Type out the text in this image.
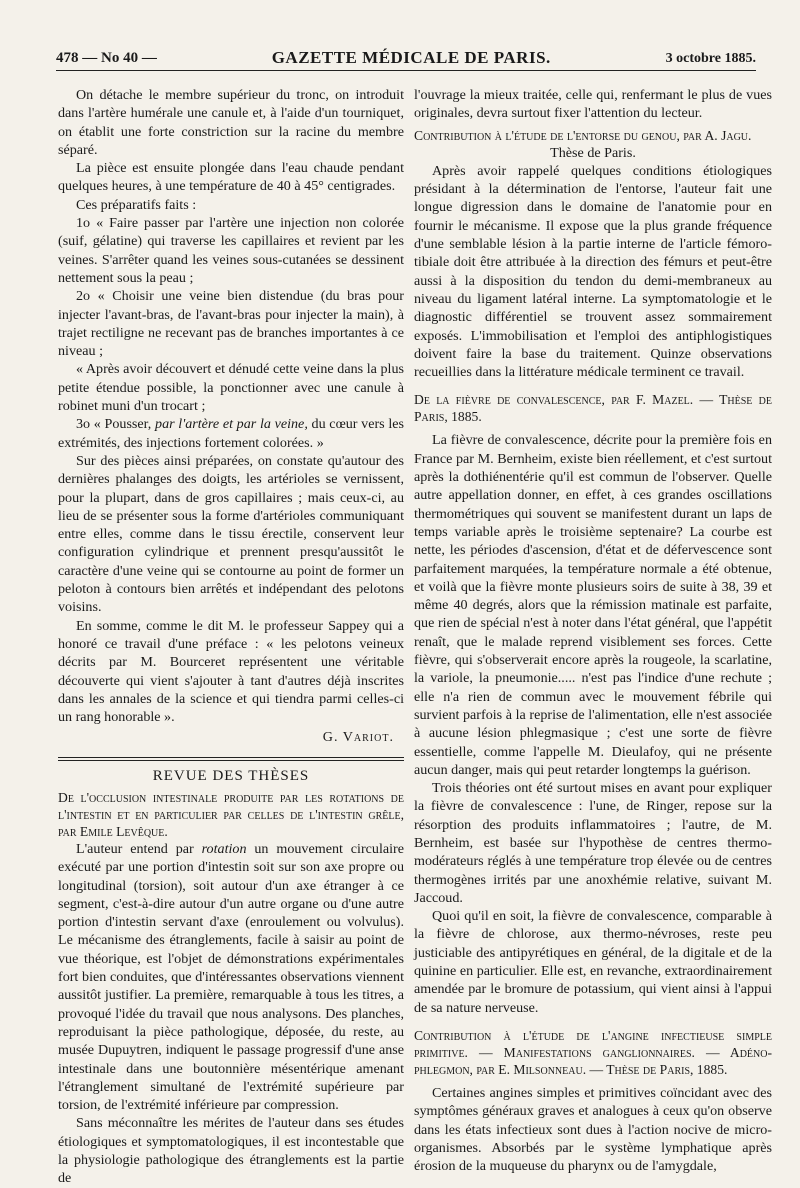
478 — No 40 —	GAZETTE MÉDICALE DE PARIS.	3 octobre 1885.

On détache le membre supérieur du tronc, on introduit dans l'artère humérale une canule et, à l'aide d'un tourniquet, on établit une forte constriction sur la racine du membre séparé.

La pièce est ensuite plongée dans l'eau chaude pendant quelques heures, à une température de 40 à 45° centigrades.

Ces préparatifs faits :

1o « Faire passer par l'artère une injection non colorée (suif, gélatine) qui traverse les capillaires et revient par les veines. S'arrêter quand les veines sous-cutanées se dessinent nettement sous la peau ;

2o « Choisir une veine bien distendue (du bras pour injecter l'avant-bras, de l'avant-bras pour injecter la main), à trajet rectiligne ne recevant pas de branches importantes à ce niveau ;

« Après avoir découvert et dénudé cette veine dans la plus petite étendue possible, la ponctionner avec une canule à robinet muni d'un trocart ;

3o « Pousser, par l'artère et par la veine, du cœur vers les extrémités, des injections fortement colorées. »

Sur des pièces ainsi préparées, on constate qu'autour des dernières phalanges des doigts, les artérioles se vernissent, pour la plupart, dans de gros capillaires ; mais ceux-ci, au lieu de se présenter sous la forme d'artérioles communiquant entre elles, comme dans le tissu érectile, conservent leur configuration cylindrique et prennent presqu'aussitôt le caractère d'une veine qui se contourne au point de former un peloton à contours bien arrêtés et indépendant des pelotons voisins.

En somme, comme le dit M. le professeur Sappey qui a honoré ce travail d'une préface : « les pelotons veineux décrits par M. Bourceret représentent une véritable découverte qui vient s'ajouter à tant d'autres déjà inscrites dans les annales de la science et qui tiendra parmi celles-ci un rang honorable ».

G. Variot.

REVUE DES THÈSES

De l'occlusion intestinale produite par les rotations de l'intestin et en particulier par celles de l'intestin grêle, par Emile Levêque.

L'auteur entend par rotation un mouvement circulaire exécuté par une portion d'intestin soit sur son axe propre ou longitudinal (torsion), soit autour d'un axe étranger à ce segment, c'est-à-dire autour d'un autre organe ou d'une autre portion d'intestin servant d'axe (enroulement ou volvulus). Le mécanisme des étranglements, facile à saisir au point de vue théorique, est l'objet de démonstrations expérimentales fort bien conduites, que d'intéressantes observations viennent aussitôt justifier. La première, remarquable à tous les titres, a provoqué l'idée du travail que nous analysons. Des planches, reproduisant la pièce pathologique, déposée, du reste, au musée Dupuytren, indiquent le passage progressif d'une anse intestinale dans une boutonnière mésentérique amenant l'étranglement simultané de l'extrémité supérieure par torsion, de l'extrémité inférieure par compression.

Sans méconnaître les mérites de l'auteur dans ses études étiologiques et symptomatologiques, il est incontestable que la physiologie pathologique des étranglements est la partie de

l'ouvrage la mieux traitée, celle qui, renfermant le plus de vues originales, devra surtout fixer l'attention du lecteur.

Contribution à l'étude de l'entorse du genou, par A. Jagu.

Thèse de Paris.

Après avoir rappelé quelques conditions étiologiques présidant à la détermination de l'entorse, l'auteur fait une longue digression dans le domaine de l'anatomie pour en fournir le mécanisme. Il expose que la plus grande fréquence d'une semblable lésion à la partie interne de l'article fémoro-tibiale doit être attribuée à la direction des fémurs et peut-être aussi à la disposition du tendon du demi-membraneux au niveau du ligament latéral interne. La symptomatologie et le diagnostic différentiel se trouvent assez sommairement exposés. L'immobilisation et l'emploi des antiphlogistiques doivent faire la base du traitement. Quinze observations recueillies dans la littérature médicale terminent ce travail.

De la fièvre de convalescence, par F. Mazel. — Thèse de Paris, 1885.

La fièvre de convalescence, décrite pour la première fois en France par M. Bernheim, existe bien réellement, et c'est surtout après la dothiénentérie qu'il est commun de l'observer. Quelle autre appellation donner, en effet, à ces grandes oscillations thermométriques qui souvent se manifestent durant un laps de temps variable après le troisième septenaire? La courbe est nette, les périodes d'ascension, d'état et de défervescence sont parfaitement marquées, la température normale a été obtenue, et voilà que la fièvre monte plusieurs soirs de suite à 38, 39 et même 40 degrés, alors que la rémission matinale est parfaite, que rien de spécial n'est à noter dans l'état général, que l'appétit renaît, que le malade reprend visiblement ses forces. Cette fièvre, qui s'observerait encore après la rougeole, la scarlatine, la variole, la pneumonie..... n'est pas l'indice d'une rechute ; elle n'a rien de commun avec le mouvement fébrile qui survient parfois à la reprise de l'alimentation, elle n'est associée à aucune lésion phlegmasique ; c'est une sorte de fièvre essentielle, comme l'appelle M. Dieulafoy, qui ne présente aucun danger, mais qui peut retarder longtemps la guérison.

Trois théories ont été surtout mises en avant pour expliquer la fièvre de convalescence : l'une, de Ringer, repose sur la résorption des produits inflammatoires ; l'autre, de M. Bernheim, est basée sur l'hypothèse de centres thermo-modérateurs réglés à une température trop élevée ou de centres thermogènes irrités par une anoxhémie relative, suivant M. Jaccoud.

Quoi qu'il en soit, la fièvre de convalescence, comparable à la fièvre de chlorose, aux thermo-névroses, reste peu justiciable des antipyrétiques en général, de la digitale et de la quinine en particulier. Elle est, en revanche, extraordinairement amendée par le bromure de potassium, qui vient ainsi à l'appui de sa nature nerveuse.

Contribution à l'étude de l'angine infectieuse simple primitive. — Manifestations ganglionnaires. — Adéno-phlegmon, par E. Milsonneau. — Thèse de Paris, 1885.

Certaines angines simples et primitives coïncidant avec des symptômes généraux graves et analogues à ceux qu'on observe dans les états infectieux sont dues à l'action nocive de micro-organismes. Absorbés par le système lymphatique après érosion de la muqueuse du pharynx ou de l'amygdale,
